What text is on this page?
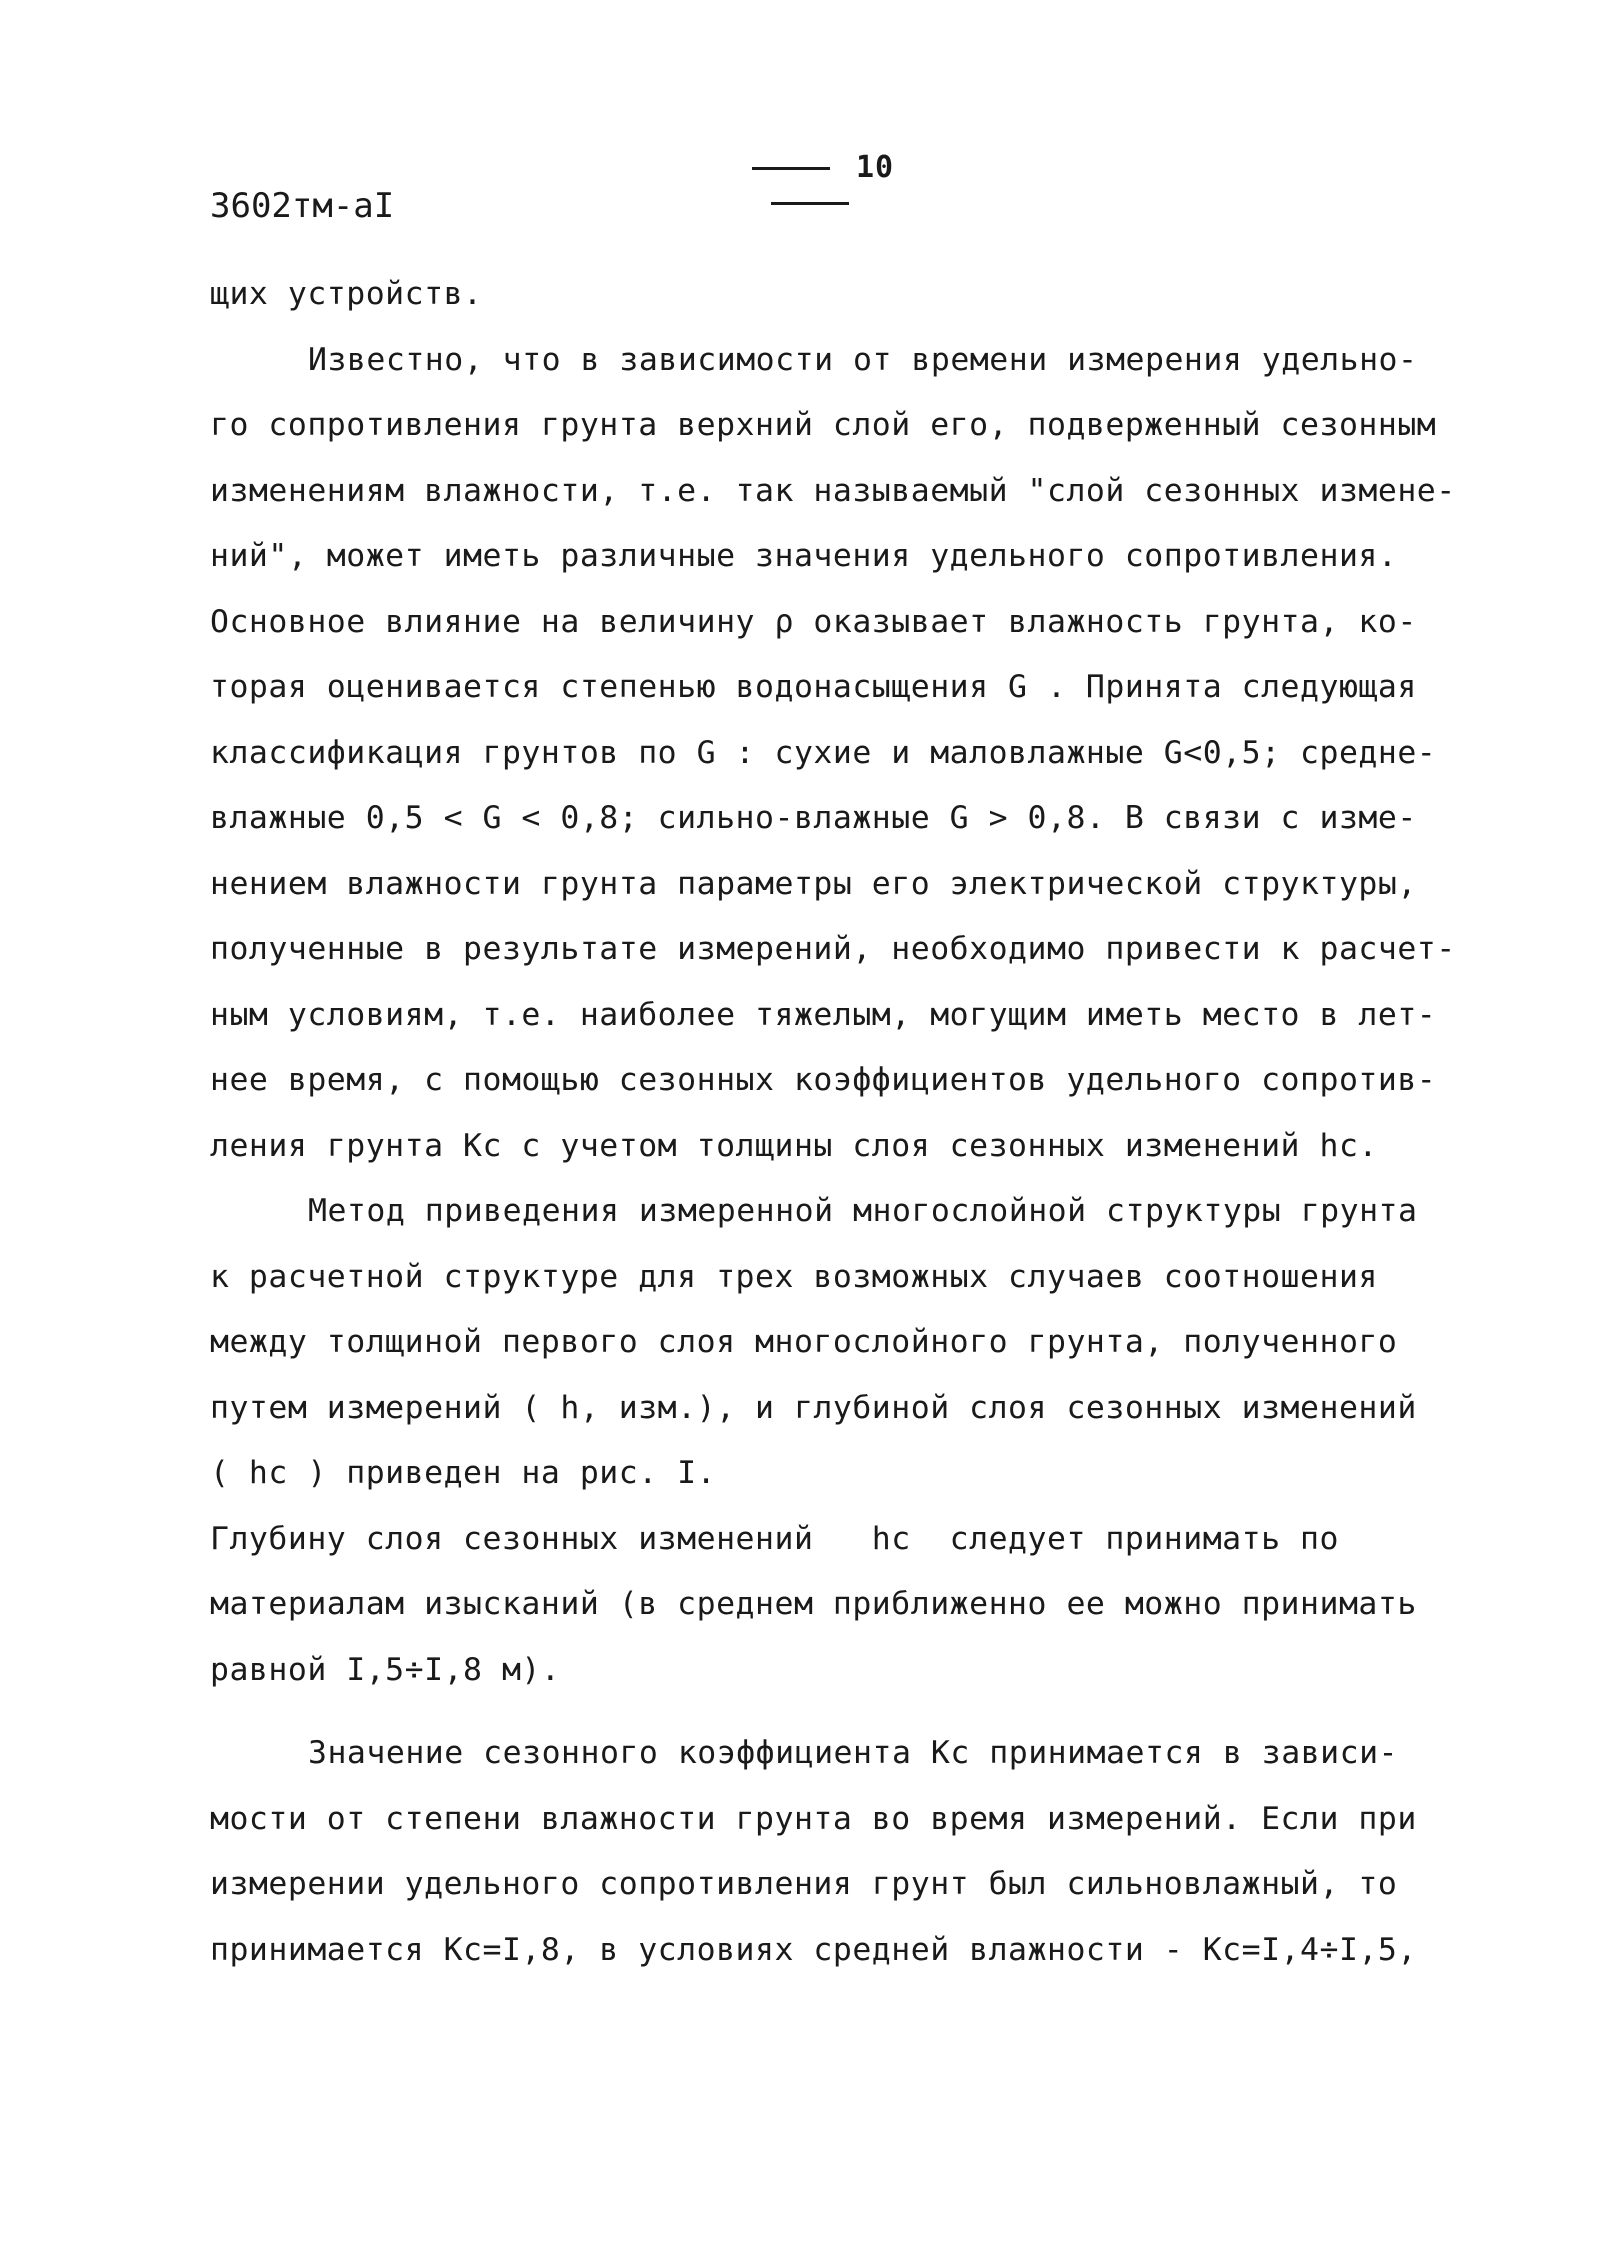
10
3602тм-аI
щих устройств.
Известно, что в зависимости от времени измерения удельно-
го сопротивления грунта верхний слой его, подверженный сезонным
изменениям влажности, т.е. так называемый "слой сезонных измене-
ний", может иметь различные значения удельного сопротивления.
Основное влияние на величину ρ оказывает влажность грунта, ко-
торая оценивается степенью водонасыщения G . Принята следующая
классификация грунтов по G : сухие и маловлажные G<0,5; средне-
влажные 0,5 < G < 0,8; сильно-влажные G > 0,8. В связи с изме-
нением влажности грунта параметры его электрической структуры,
полученные в результате измерений, необходимо привести к расчет-
ным условиям, т.е. наиболее тяжелым, могущим иметь место в лет-
нее время, с помощью сезонных коэффициентов удельного сопротив-
ления грунта Кс с учетом толщины слоя сезонных изменений hc.
Метод приведения измеренной многослойной структуры грунта
к расчетной структуре для трех возможных случаев соотношения
между толщиной первого слоя многослойного грунта, полученного
путем измерений ( h, изм.), и глубиной слоя сезонных изменений
( hc ) приведен на рис. I.
Глубину слоя сезонных изменений   hc  следует принимать по
материалам изысканий (в среднем приближенно ее можно принимать
равной I,5÷I,8 м).
Значение сезонного коэффициента Кс принимается в зависи-
мости от степени влажности грунта во время измерений. Если при
измерении удельного сопротивления грунт был сильновлажный, то
принимается Кс=I,8, в условиях средней влажности - Кс=I,4÷I,5,
